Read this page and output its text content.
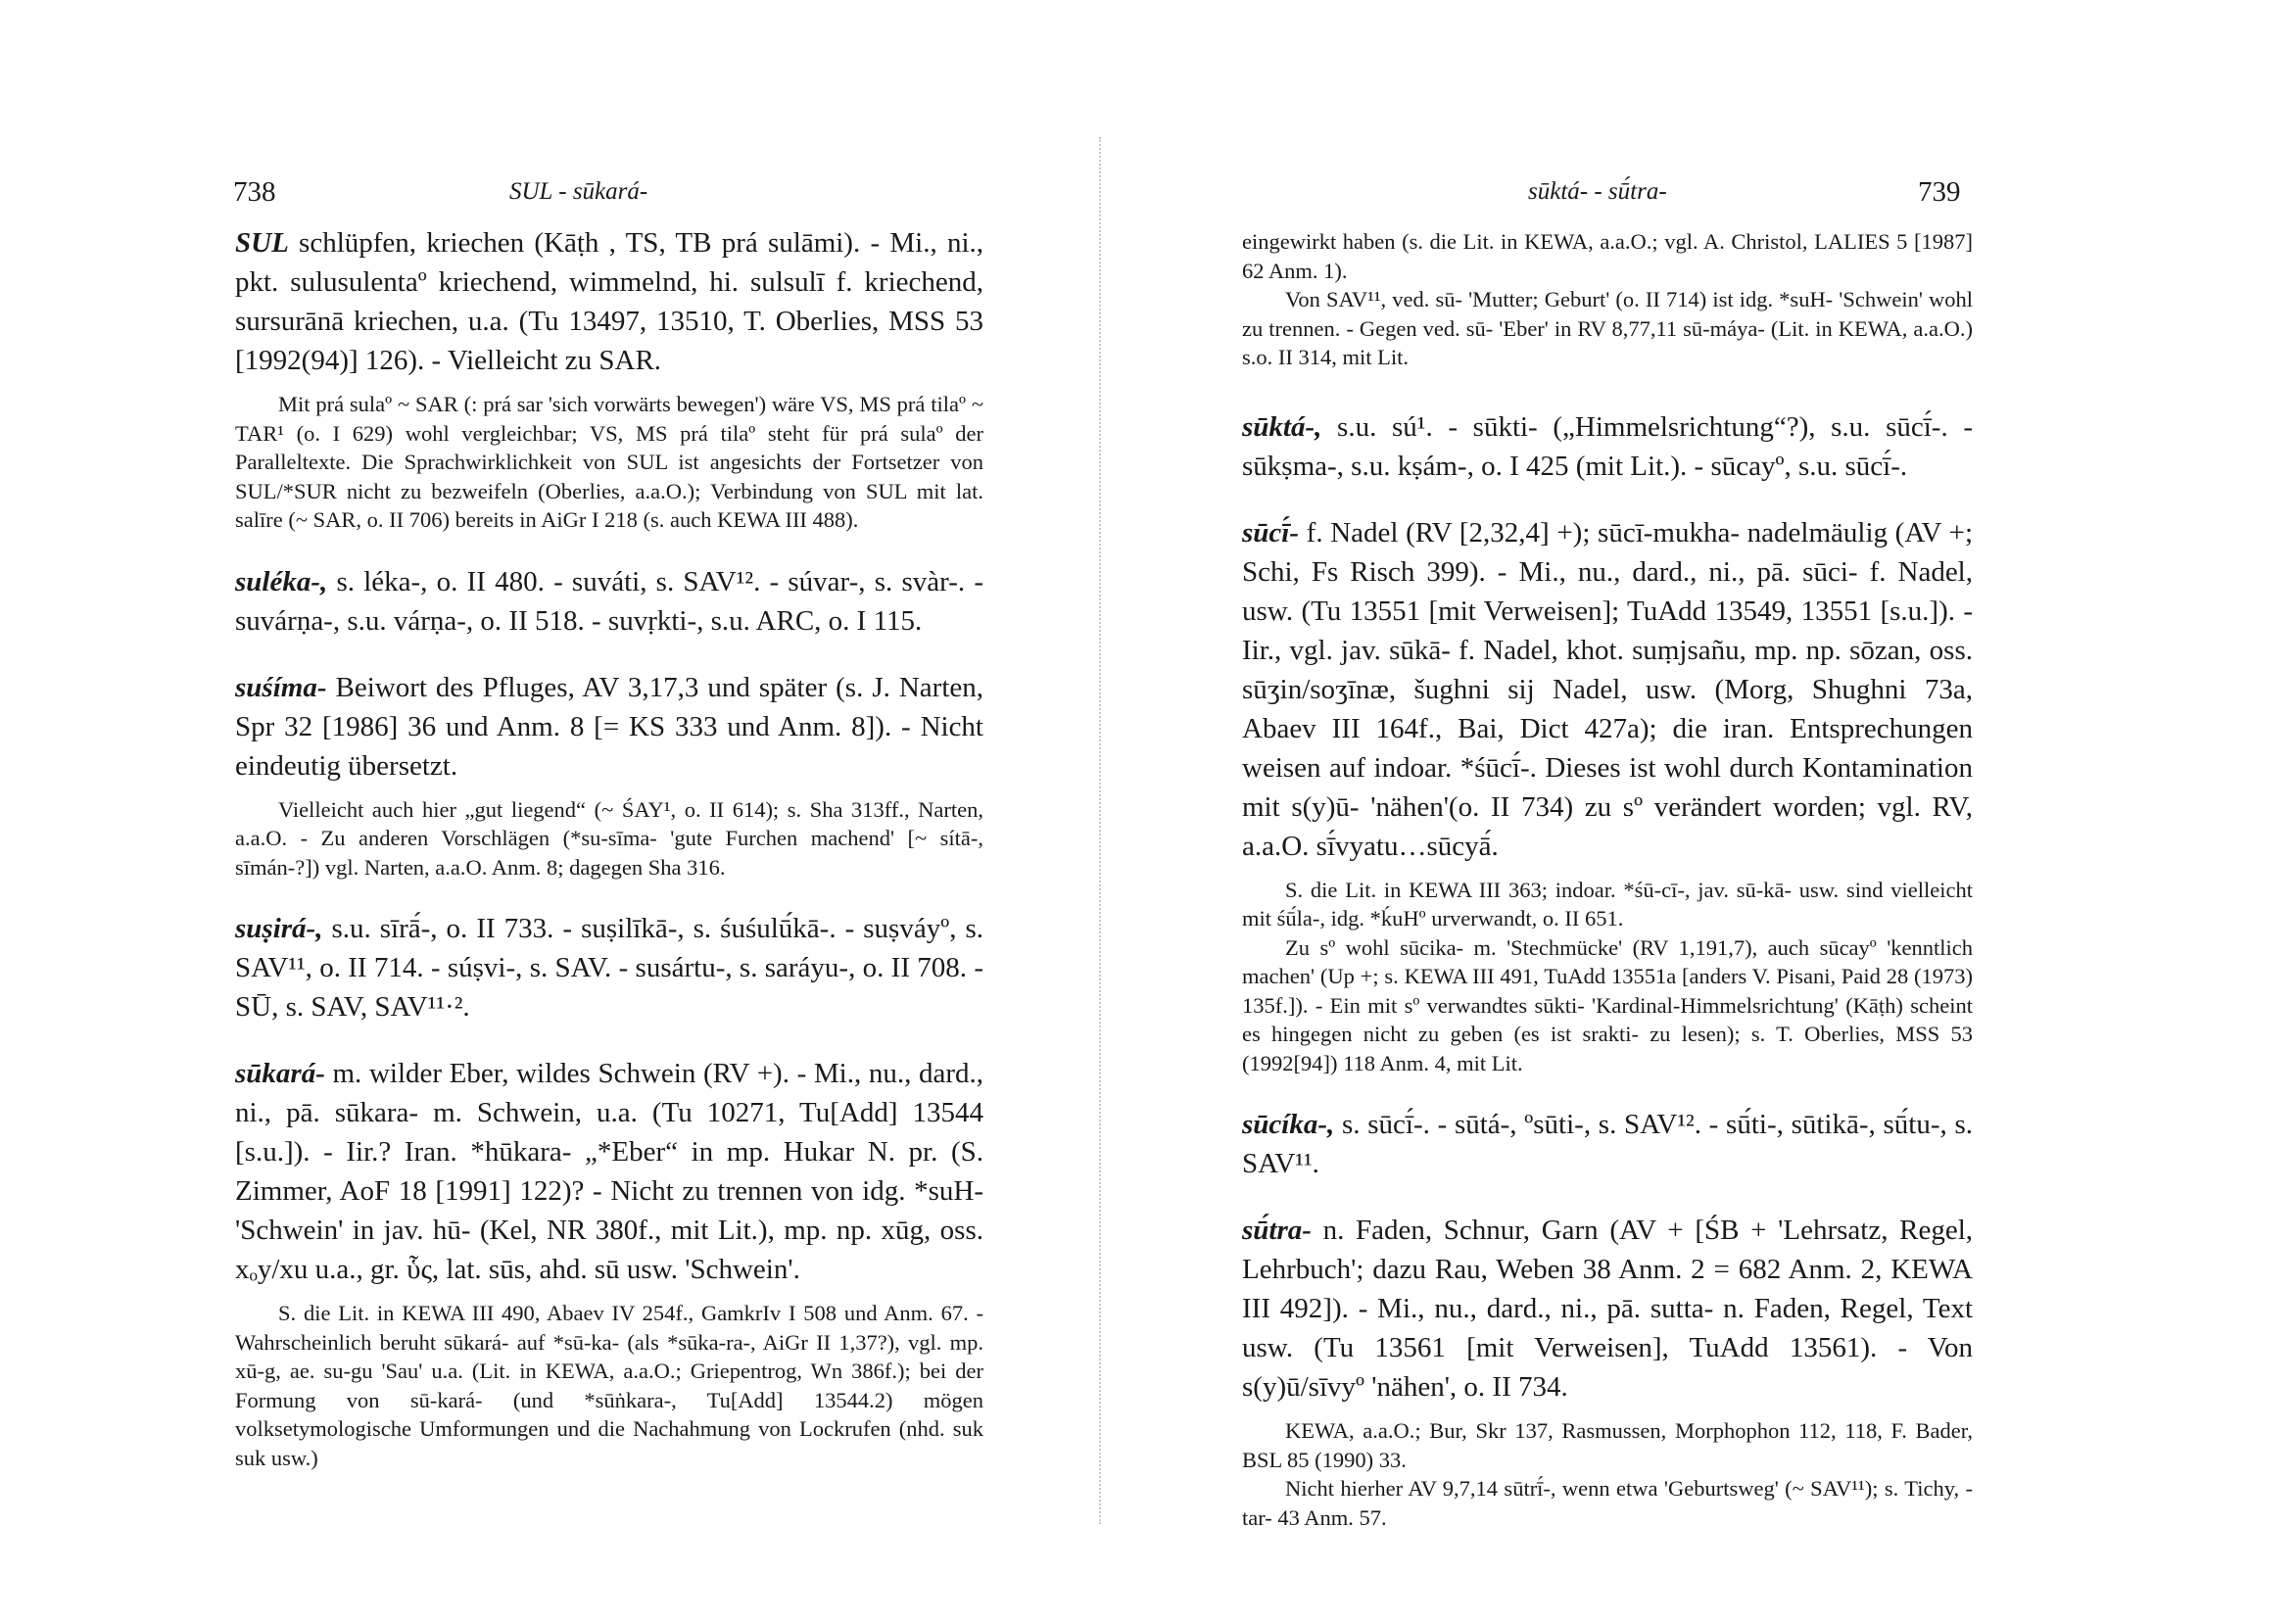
738	SUL - sūkará-
SUL schlüpfen, kriechen (Kāṭh , TS, TB prá sulāmi). - Mi., ni., pkt. sulusulentaº kriechend, wimmelnd, hi. sulsulī f. kriechend, sursurānā kriechen, u.a. (Tu 13497, 13510, T. Oberlies, MSS 53 [1992(94)] 126). - Vielleicht zu SAR.

Mit prá sulaº ~ SAR (: prá sar 'sich vorwärts bewegen') wäre VS, MS prá tilaº ~ TAR¹ (o. I 629) wohl vergleichbar; VS, MS prá tilaº steht für prá sulaº der Paralleltexte. Die Sprachwirklichkeit von SUL ist angesichts der Fortsetzer von SUL/*SUR nicht zu bezweifeln (Oberlies, a.a.O.); Verbindung von SUL mit lat. salīre (~ SAR, o. II 706) bereits in AiGr I 218 (s. auch KEWA III 488).

suléka-, s. léka-, o. II 480. - suváti, s. SAV¹². - súvar-, s. svàr-. - suvárṇa-, s.u. várṇa-, o. II 518. - suvṛkti-, s.u. ARC, o. I 115.
suśíma- Beiwort des Pfluges, AV 3,17,3 und später (s. J. Narten, Spr 32 [1986] 36 und Anm. 8 [= KS 333 und Anm. 8]). - Nicht eindeutig übersetzt.

Vielleicht auch hier „gut liegend“ (~ ŚAY¹, o. II 614); s. Sha 313ff., Narten, a.a.O. - Zu anderen Vorschlägen (*su-sīma- 'gute Furchen machend' [~ sítā-, sīmán-?]) vgl. Narten, a.a.O. Anm. 8; dagegen Sha 316.

suṣirá-, s.u. sīrā́-, o. II 733. - suṣilīkā-, s. śuśulū́kā-. - suṣváyº, s. SAV¹¹, o. II 714. - súṣvi-, s. SAV. - susártu-, s. saráyu-, o. II 708. - SŪ, s. SAV, SAV¹¹·².
sūkará- m. wilder Eber, wildes Schwein (RV +). - Mi., nu., dard., ni., pā. sūkara- m. Schwein, u.a. (Tu 10271, Tu[Add] 13544 [s.u.]). - Iir.? Iran. *hūkara- „*Eber“ in mp. Hukar N. pr. (S. Zimmer, AoF 18 [1991] 122)? - Nicht zu trennen von idg. *suH- 'Schwein' in jav. hū- (Kel, NR 380f., mit Lit.), mp. np. xūg, oss. xₒy/xu u.a., gr. ὗς, lat. sūs, ahd. sū usw. 'Schwein'.

S. die Lit. in KEWA III 490, Abaev IV 254f., GamkrIv I 508 und Anm. 67. - Wahrscheinlich beruht sūkará- auf *sū-ka- (als *sūka-ra-, AiGr II 1,37?), vgl. mp. xū-g, ae. su-gu 'Sau' u.a. (Lit. in KEWA, a.a.O.; Griepentrog, Wn 386f.); bei der Formung von sū-kará- (und *sūṅkara-, Tu[Add] 13544.2) mögen volksetymologische Umformungen und die Nachahmung von Lockrufen (nhd. suk suk usw.)

sūktá- - sū́tra-	739

eingewirkt haben (s. die Lit. in KEWA, a.a.O.; vgl. A. Christol, LALIES 5 [1987] 62 Anm. 1).

Von SAV¹¹, ved. sū- 'Mutter; Geburt' (o. II 714) ist idg. *suH- 'Schwein' wohl zu trennen. - Gegen ved. sū- 'Eber' in RV 8,77,11 sū-máya- (Lit. in KEWA, a.a.O.) s.o. II 314, mit Lit.

sūktá-, s.u. sú¹. - sūkti- („Himmelsrichtung“?), s.u. sūcī́-. - sūkṣma-, s.u. kṣám-, o. I 425 (mit Lit.). - sūcayº, s.u. sūcī́-.
sūcī́- f. Nadel (RV [2,32,4] +); sūcī-mukha- nadelmäulig (AV +; Schi, Fs Risch 399). - Mi., nu., dard., ni., pā. sūci- f. Nadel, usw. (Tu 13551 [mit Verweisen]; TuAdd 13549, 13551 [s.u.]). - Iir., vgl. jav. sūkā- f. Nadel, khot. suṃjsañu, mp. np. sōzan, oss. sūʒin/soʒīnæ, šughni sij Nadel, usw. (Morg, Shughni 73a, Abaev III 164f., Bai, Dict 427a); die iran. Entsprechungen weisen auf indoar. *śūcī́-. Dieses ist wohl durch Kontamination mit s(y)ū- 'nähen'(o. II 734) zu sº verändert worden; vgl. RV, a.a.O. sī́vyatu…sūcyā́.

S. die Lit. in KEWA III 363; indoar. *śū-cī-, jav. sū-kā- usw. sind vielleicht mit śū́la-, idg. *ḱuHº urverwandt, o. II 651.

Zu sº wohl sūcika- m. 'Stechmücke' (RV 1,191,7), auch sūcayº 'kenntlich machen' (Up +; s. KEWA III 491, TuAdd 13551a [anders V. Pisani, Paid 28 (1973) 135f.]). - Ein mit sº verwandtes sūkti- 'Kardinal-Himmelsrichtung' (Kāṭh) scheint es hingegen nicht zu geben (es ist srakti- zu lesen); s. T. Oberlies, MSS 53 (1992[94]) 118 Anm. 4, mit Lit.

sūcíka-, s. sūcī́-. - sūtá-, ºsūti-, s. SAV¹². - sū́ti-, sūtikā-, sū́tu-, s. SAV¹¹.
sū́tra- n. Faden, Schnur, Garn (AV + [ŚB + 'Lehrsatz, Regel, Lehrbuch'; dazu Rau, Weben 38 Anm. 2 = 682 Anm. 2, KEWA III 492]). - Mi., nu., dard., ni., pā. sutta- n. Faden, Regel, Text usw. (Tu 13561 [mit Verweisen], TuAdd 13561). - Von s(y)ū/sīvyº 'nähen', o. II 734.

KEWA, a.a.O.; Bur, Skr 137, Rasmussen, Morphophon 112, 118, F. Bader, BSL 85 (1990) 33.

Nicht hierher AV 9,7,14 sūtrī́-, wenn etwa 'Geburtsweg' (~ SAV¹¹); s. Tichy, -tar- 43 Anm. 57.
